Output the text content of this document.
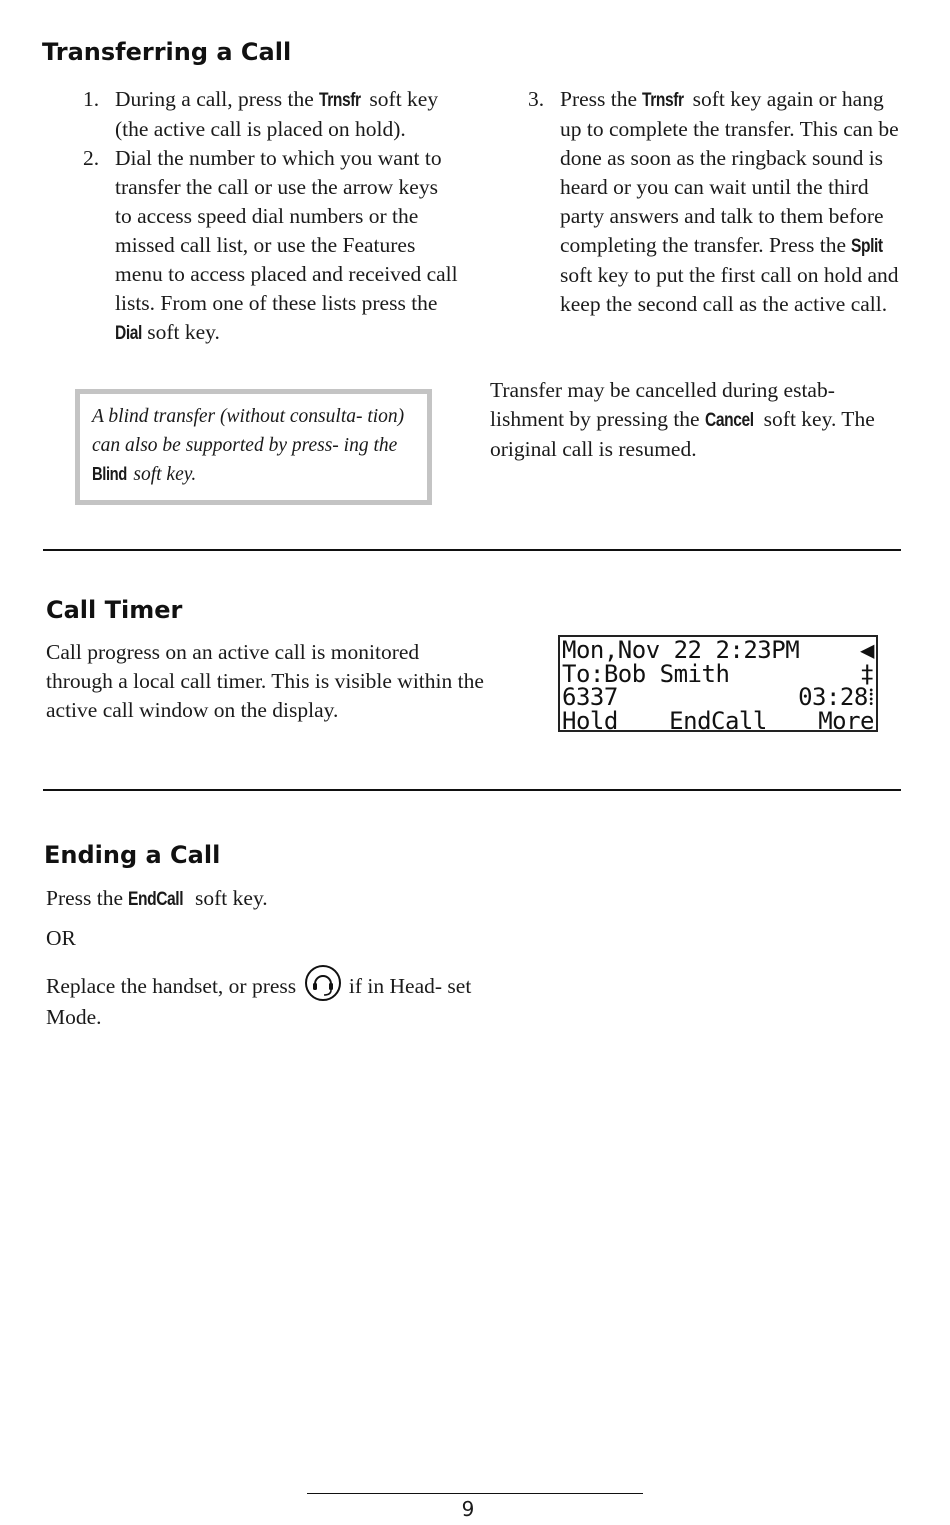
Transferring a Call
1. During a call, press the Trnsfr soft key (the active call is placed on hold).
2. Dial the number to which you want to transfer the call or use the arrow keys to access speed dial numbers or the missed call list, or use the Features menu to access placed and received call lists. From one of these lists press the Dial soft key.
A blind transfer (without consulta- tion) can also be supported by press- ing the Blind soft key.
3. Press the Trnsfr soft key again or hang up to complete the transfer. This can be done as soon as the ringback sound is heard or you can wait until the third party answers and talk to them before completing the transfer. Press the Split soft key to put the first call on hold and keep the second call as the active call.
Transfer may be cancelled during estab- lishment by pressing the Cancel soft key. The original call is resumed.
Call Timer
Call progress on an active call is monitored through a local call timer. This is visible within the active call window on the display.
Mon,Nov 22 2:23PM	◀
To:Bob Smith	‡
6337	03:28⁞
Hold EndCall More
Ending a Call
Press the EndCall soft key.
OR
Replace the handset, or press  if in Head- set Mode.
9
